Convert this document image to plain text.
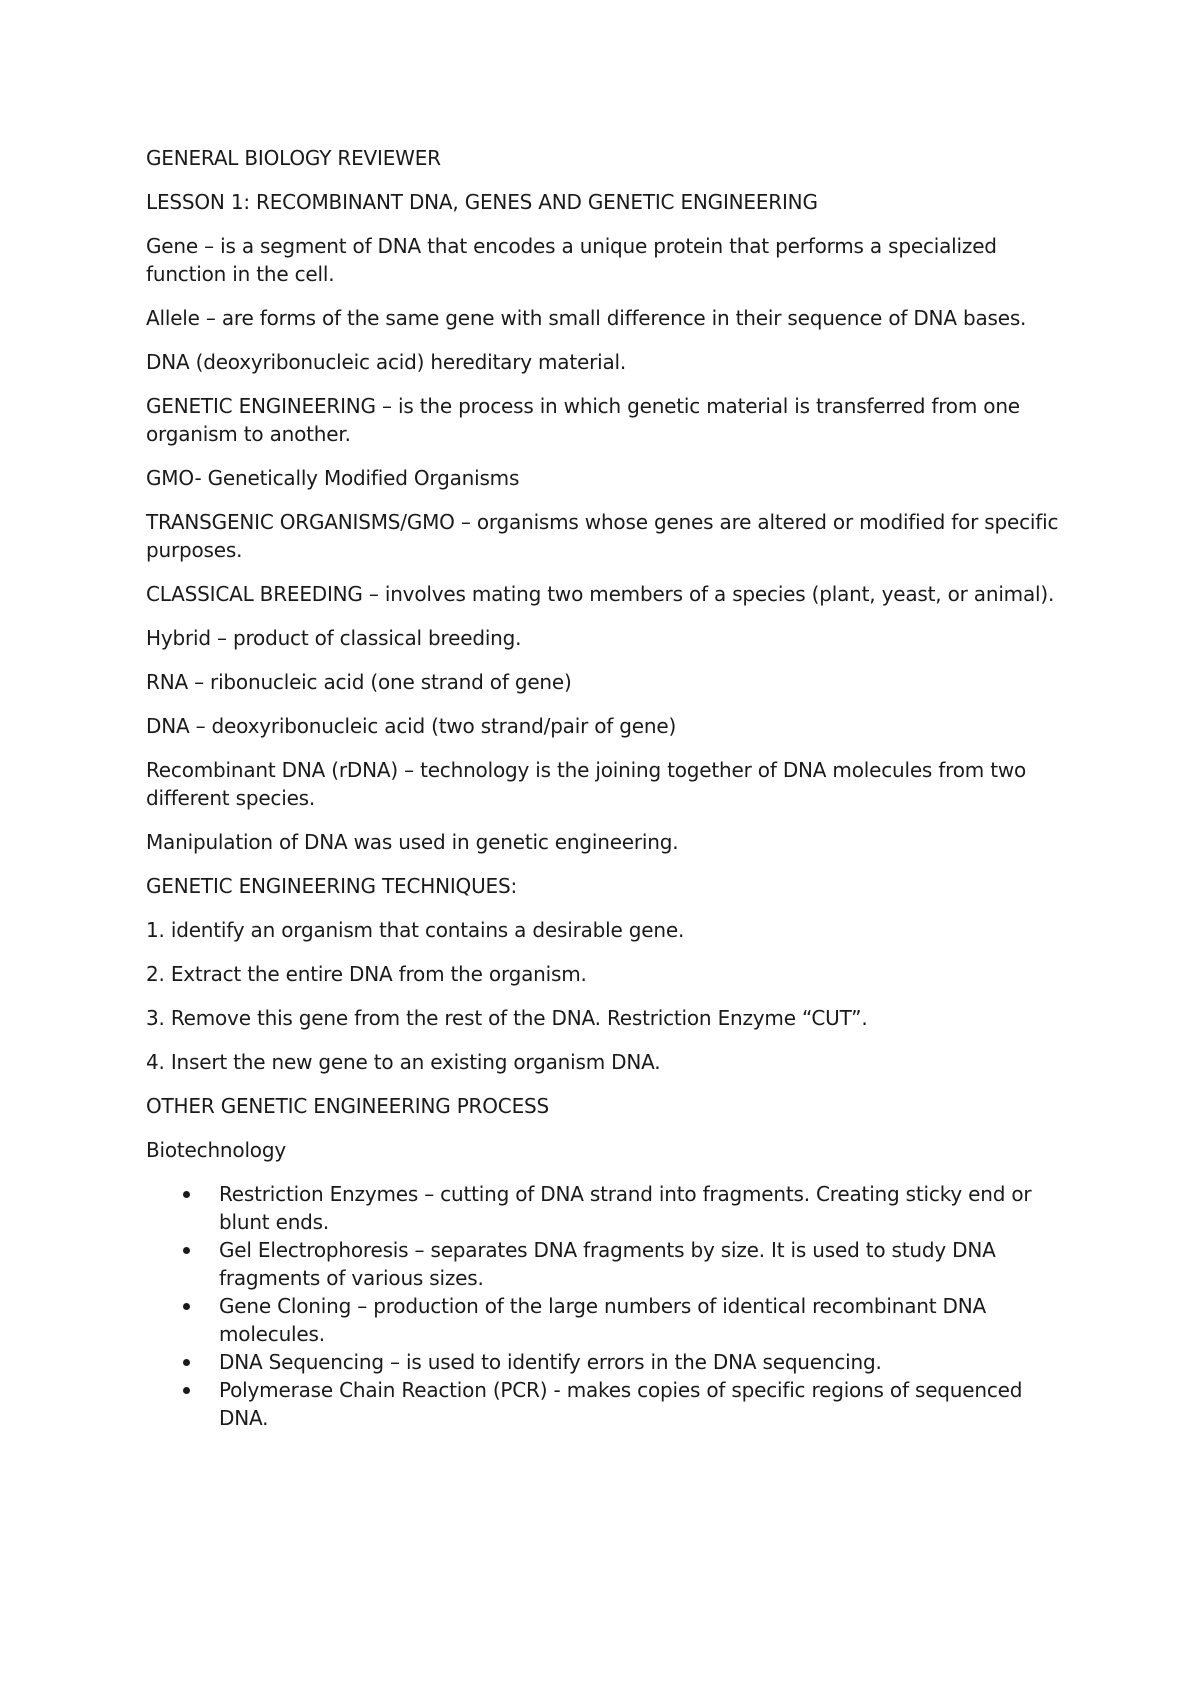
GENERAL BIOLOGY REVIEWER

LESSON 1: RECOMBINANT DNA, GENES AND GENETIC ENGINEERING

Gene – is a segment of DNA that encodes a unique protein that performs a specialized function in the cell.

Allele – are forms of the same gene with small difference in their sequence of DNA bases.

DNA (deoxyribonucleic acid) hereditary material.

GENETIC ENGINEERING – is the process in which genetic material is transferred from one organism to another.

GMO- Genetically Modified Organisms

TRANSGENIC ORGANISMS/GMO – organisms whose genes are altered or modified for specific purposes.

CLASSICAL BREEDING – involves mating two members of a species (plant, yeast, or animal).

Hybrid – product of classical breeding.

RNA – ribonucleic acid (one strand of gene)

DNA – deoxyribonucleic acid (two strand/pair of gene)

Recombinant DNA (rDNA) – technology is the joining together of DNA molecules from two different species.

Manipulation of DNA was used in genetic engineering.

GENETIC ENGINEERING TECHNIQUES:

1. identify an organism that contains a desirable gene.

2. Extract the entire DNA from the organism.

3. Remove this gene from the rest of the DNA. Restriction Enzyme “CUT”.

4. Insert the new gene to an existing organism DNA.

OTHER GENETIC ENGINEERING PROCESS

Biotechnology

Restriction Enzymes – cutting of DNA strand into fragments. Creating sticky end or blunt ends.
Gel Electrophoresis – separates DNA fragments by size. It is used to study DNA fragments of various sizes.
Gene Cloning – production of the large numbers of identical recombinant DNA molecules.
DNA Sequencing – is used to identify errors in the DNA sequencing.
Polymerase Chain Reaction (PCR) - makes copies of specific regions of sequenced DNA.
